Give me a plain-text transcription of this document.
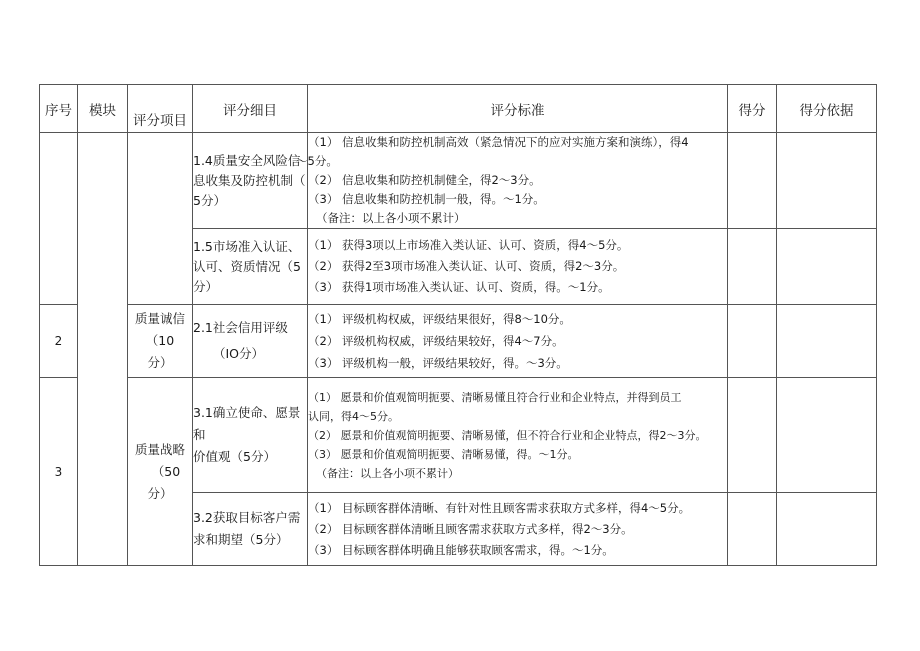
序号	模块	评分项目	评分细目	评分标准	得分	得分依据

			1.4质量安全风险信
息收集及防控机制（
5分）	（1） 信息收集和防控机制高效（紧急情况下的应对实施方案和演练），得4
～5分。
（2） 信息收集和防控机制健全，得2～3分。
（3） 信息收集和防控机制一般，得。〜1分。
（备注：以上各小项不累计）		

			1.5市场准入认证、
认可、资质情况（5
分）	（1） 获得3项以上市场准入类认证、认可、资质，得4～5分。
（2） 获得2至3项市场准入类认证、认可、资质，得2～3分。
（3） 获得1项市场准入类认证、认可、资质，得。〜1分。		

2		质量诚信
（10
分）	2.1社会信用评级
（IO分）	（1） 评级机构权威，评级结果很好，得8～10分。
（2） 评级机构权威，评级结果较好，得4～7分。
（3） 评级机构一般，评级结果较好，得。〜3分。		

3		质量战略
（50
分）	3.1确立使命、愿景和
价值观（5分）	（1） 愿景和价值观简明扼要、清晰易懂且符合行业和企业特点，并得到员工
认同，得4～5分。
（2） 愿景和价值观简明扼要、清晰易懂，但不符合行业和企业特点，得2～3分。
（3） 愿景和价值观简明扼要、清晰易懂，得。〜1分。
（备注：以上各小项不累计）		

			3.2获取目标客户需
求和期望（5分）	（1） 目标顾客群体清晰、有针对性且顾客需求获取方式多样，得4～5分。
（2） 目标顾客群体清晰且顾客需求获取方式多样，得2～3分。
（3） 目标顾客群体明确且能够获取顾客需求，得。〜1分。		
